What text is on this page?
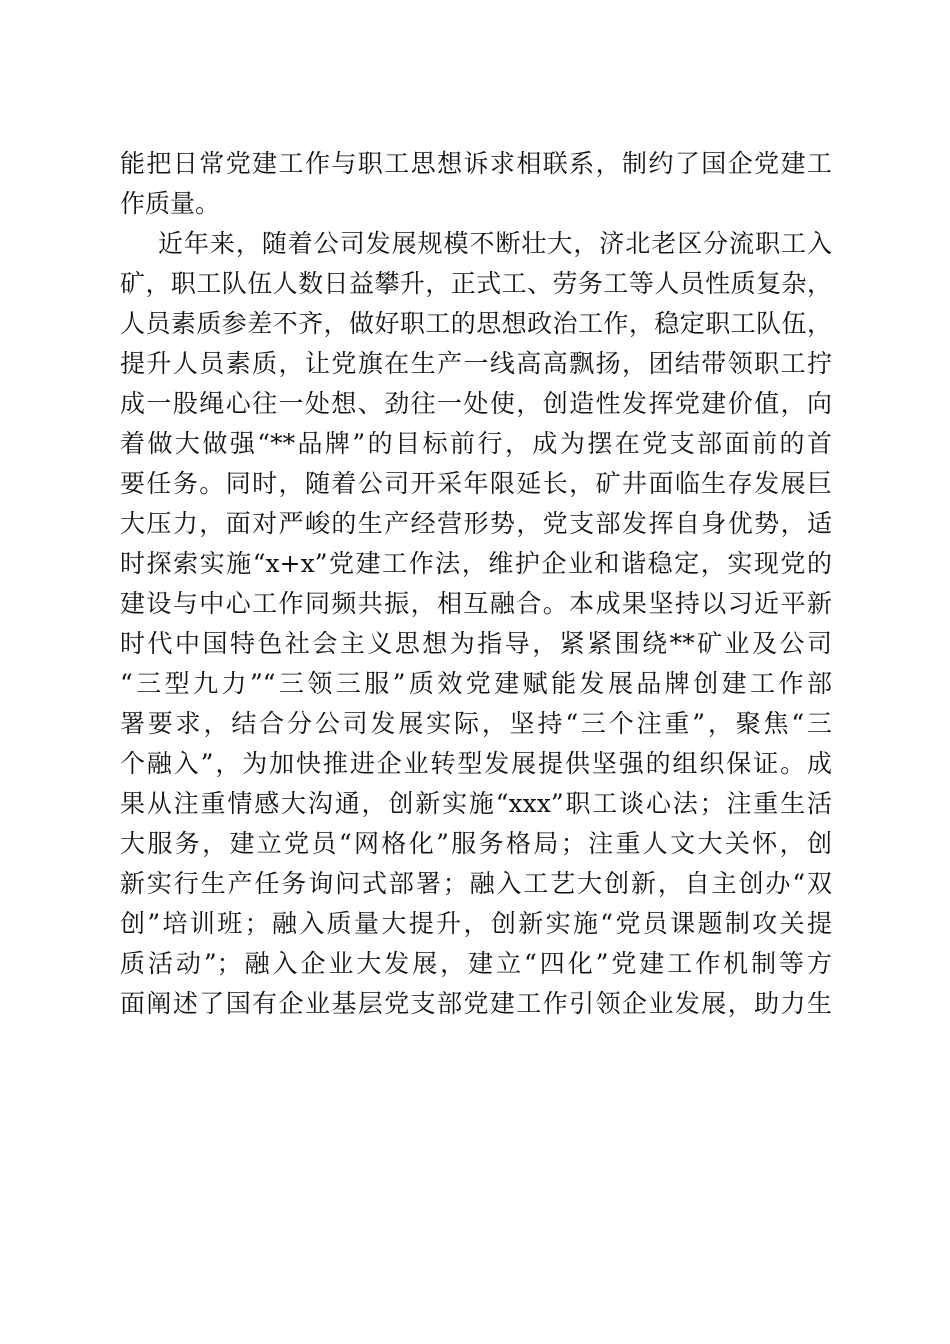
能把日常党建工作与职工思想诉求相联系，制约了国企党建工
作质量。
近年来，随着公司发展规模不断壮大，济北老区分流职工入
矿，职工队伍人数日益攀升，正式工、劳务工等人员性质复杂，
人员素质参差不齐，做好职工的思想政治工作，稳定职工队伍，
提升人员素质，让党旗在生产一线高高飘扬，团结带领职工拧
成一股绳心往一处想、劲往一处使，创造性发挥党建价值，向
着做大做强“**品牌”的目标前行，成为摆在党支部面前的首
要任务。同时，随着公司开采年限延长，矿井面临生存发展巨
大压力，面对严峻的生产经营形势，党支部发挥自身优势，适
时探索实施“x+x”党建工作法，维护企业和谐稳定，实现党的
建设与中心工作同频共振，相互融合。本成果坚持以习近平新
时代中国特色社会主义思想为指导，紧紧围绕**矿业及公司
“三型九力”“三领三服”质效党建赋能发展品牌创建工作部
署要求，结合分公司发展实际，坚持“三个注重”，聚焦“三
个融入”，为加快推进企业转型发展提供坚强的组织保证。成
果从注重情感大沟通，创新实施“xxx”职工谈心法；注重生活
大服务，建立党员“网格化”服务格局；注重人文大关怀，创
新实行生产任务询问式部署；融入工艺大创新，自主创办“双
创”培训班；融入质量大提升，创新实施“党员课题制攻关提
质活动”；融入企业大发展，建立“四化”党建工作机制等方
面阐述了国有企业基层党支部党建工作引领企业发展，助力生
